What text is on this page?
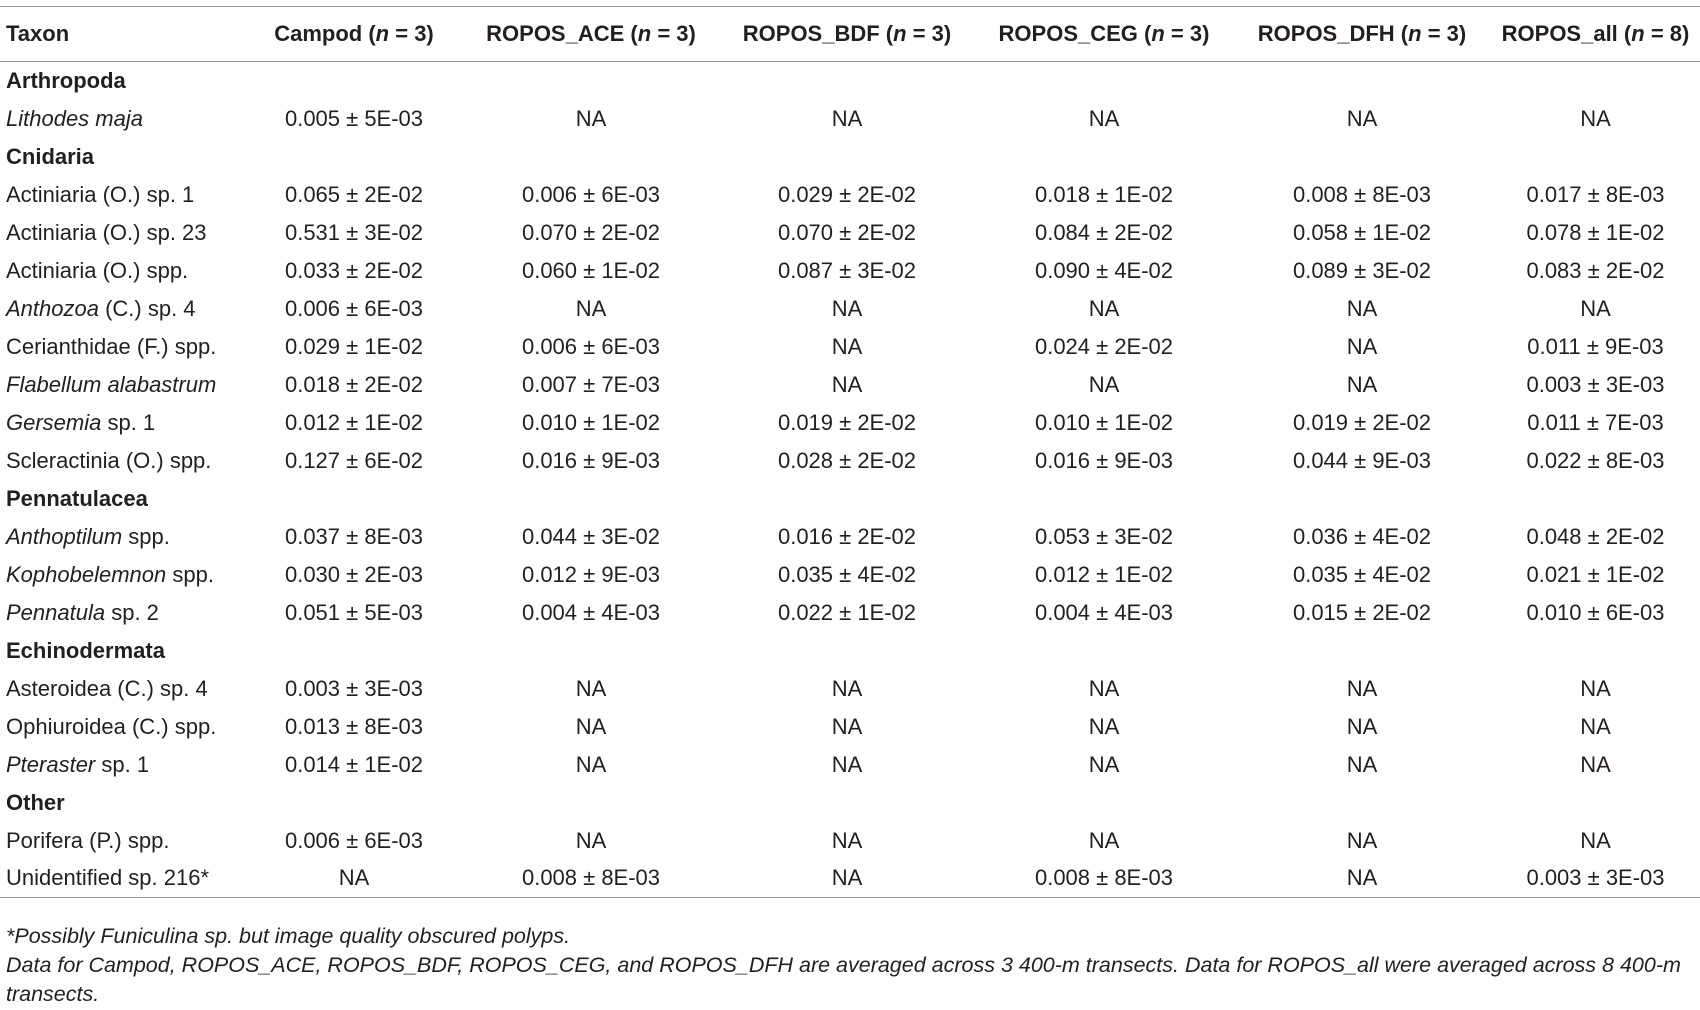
Taxon	Campod (n = 3)	ROPOS_ACE (n = 3)	ROPOS_BDF (n = 3)	ROPOS_CEG (n = 3)	ROPOS_DFH (n = 3)	ROPOS_all (n = 8)
Arthropoda						
Lithodes maja	0.005 ± 5E-03	NA	NA	NA	NA	NA
Cnidaria						
Actiniaria (O.) sp. 1	0.065 ± 2E-02	0.006 ± 6E-03	0.029 ± 2E-02	0.018 ± 1E-02	0.008 ± 8E-03	0.017 ± 8E-03
Actiniaria (O.) sp. 23	0.531 ± 3E-02	0.070 ± 2E-02	0.070 ± 2E-02	0.084 ± 2E-02	0.058 ± 1E-02	0.078 ± 1E-02
Actiniaria (O.) spp.	0.033 ± 2E-02	0.060 ± 1E-02	0.087 ± 3E-02	0.090 ± 4E-02	0.089 ± 3E-02	0.083 ± 2E-02
Anthozoa (C.) sp. 4	0.006 ± 6E-03	NA	NA	NA	NA	NA
Cerianthidae (F.) spp.	0.029 ± 1E-02	0.006 ± 6E-03	NA	0.024 ± 2E-02	NA	0.011 ± 9E-03
Flabellum alabastrum	0.018 ± 2E-02	0.007 ± 7E-03	NA	NA	NA	0.003 ± 3E-03
Gersemia sp. 1	0.012 ± 1E-02	0.010 ± 1E-02	0.019 ± 2E-02	0.010 ± 1E-02	0.019 ± 2E-02	0.011 ± 7E-03
Scleractinia (O.) spp.	0.127 ± 6E-02	0.016 ± 9E-03	0.028 ± 2E-02	0.016 ± 9E-03	0.044 ± 9E-03	0.022 ± 8E-03
Pennatulacea						
Anthoptilum spp.	0.037 ± 8E-03	0.044 ± 3E-02	0.016 ± 2E-02	0.053 ± 3E-02	0.036 ± 4E-02	0.048 ± 2E-02
Kophobelemnon spp.	0.030 ± 2E-03	0.012 ± 9E-03	0.035 ± 4E-02	0.012 ± 1E-02	0.035 ± 4E-02	0.021 ± 1E-02
Pennatula sp. 2	0.051 ± 5E-03	0.004 ± 4E-03	0.022 ± 1E-02	0.004 ± 4E-03	0.015 ± 2E-02	0.010 ± 6E-03
Echinodermata						
Asteroidea (C.) sp. 4	0.003 ± 3E-03	NA	NA	NA	NA	NA
Ophiuroidea (C.) spp.	0.013 ± 8E-03	NA	NA	NA	NA	NA
Pteraster sp. 1	0.014 ± 1E-02	NA	NA	NA	NA	NA
Other						
Porifera (P.) spp.	0.006 ± 6E-03	NA	NA	NA	NA	NA
Unidentified sp. 216*	NA	0.008 ± 8E-03	NA	0.008 ± 8E-03	NA	0.003 ± 3E-03

*Possibly Funiculina sp. but image quality obscured polyps.

Data for Campod, ROPOS_ACE, ROPOS_BDF, ROPOS_CEG, and ROPOS_DFH are averaged across 3 400-m transects. Data for ROPOS_all were averaged across 8 400-m transects.
